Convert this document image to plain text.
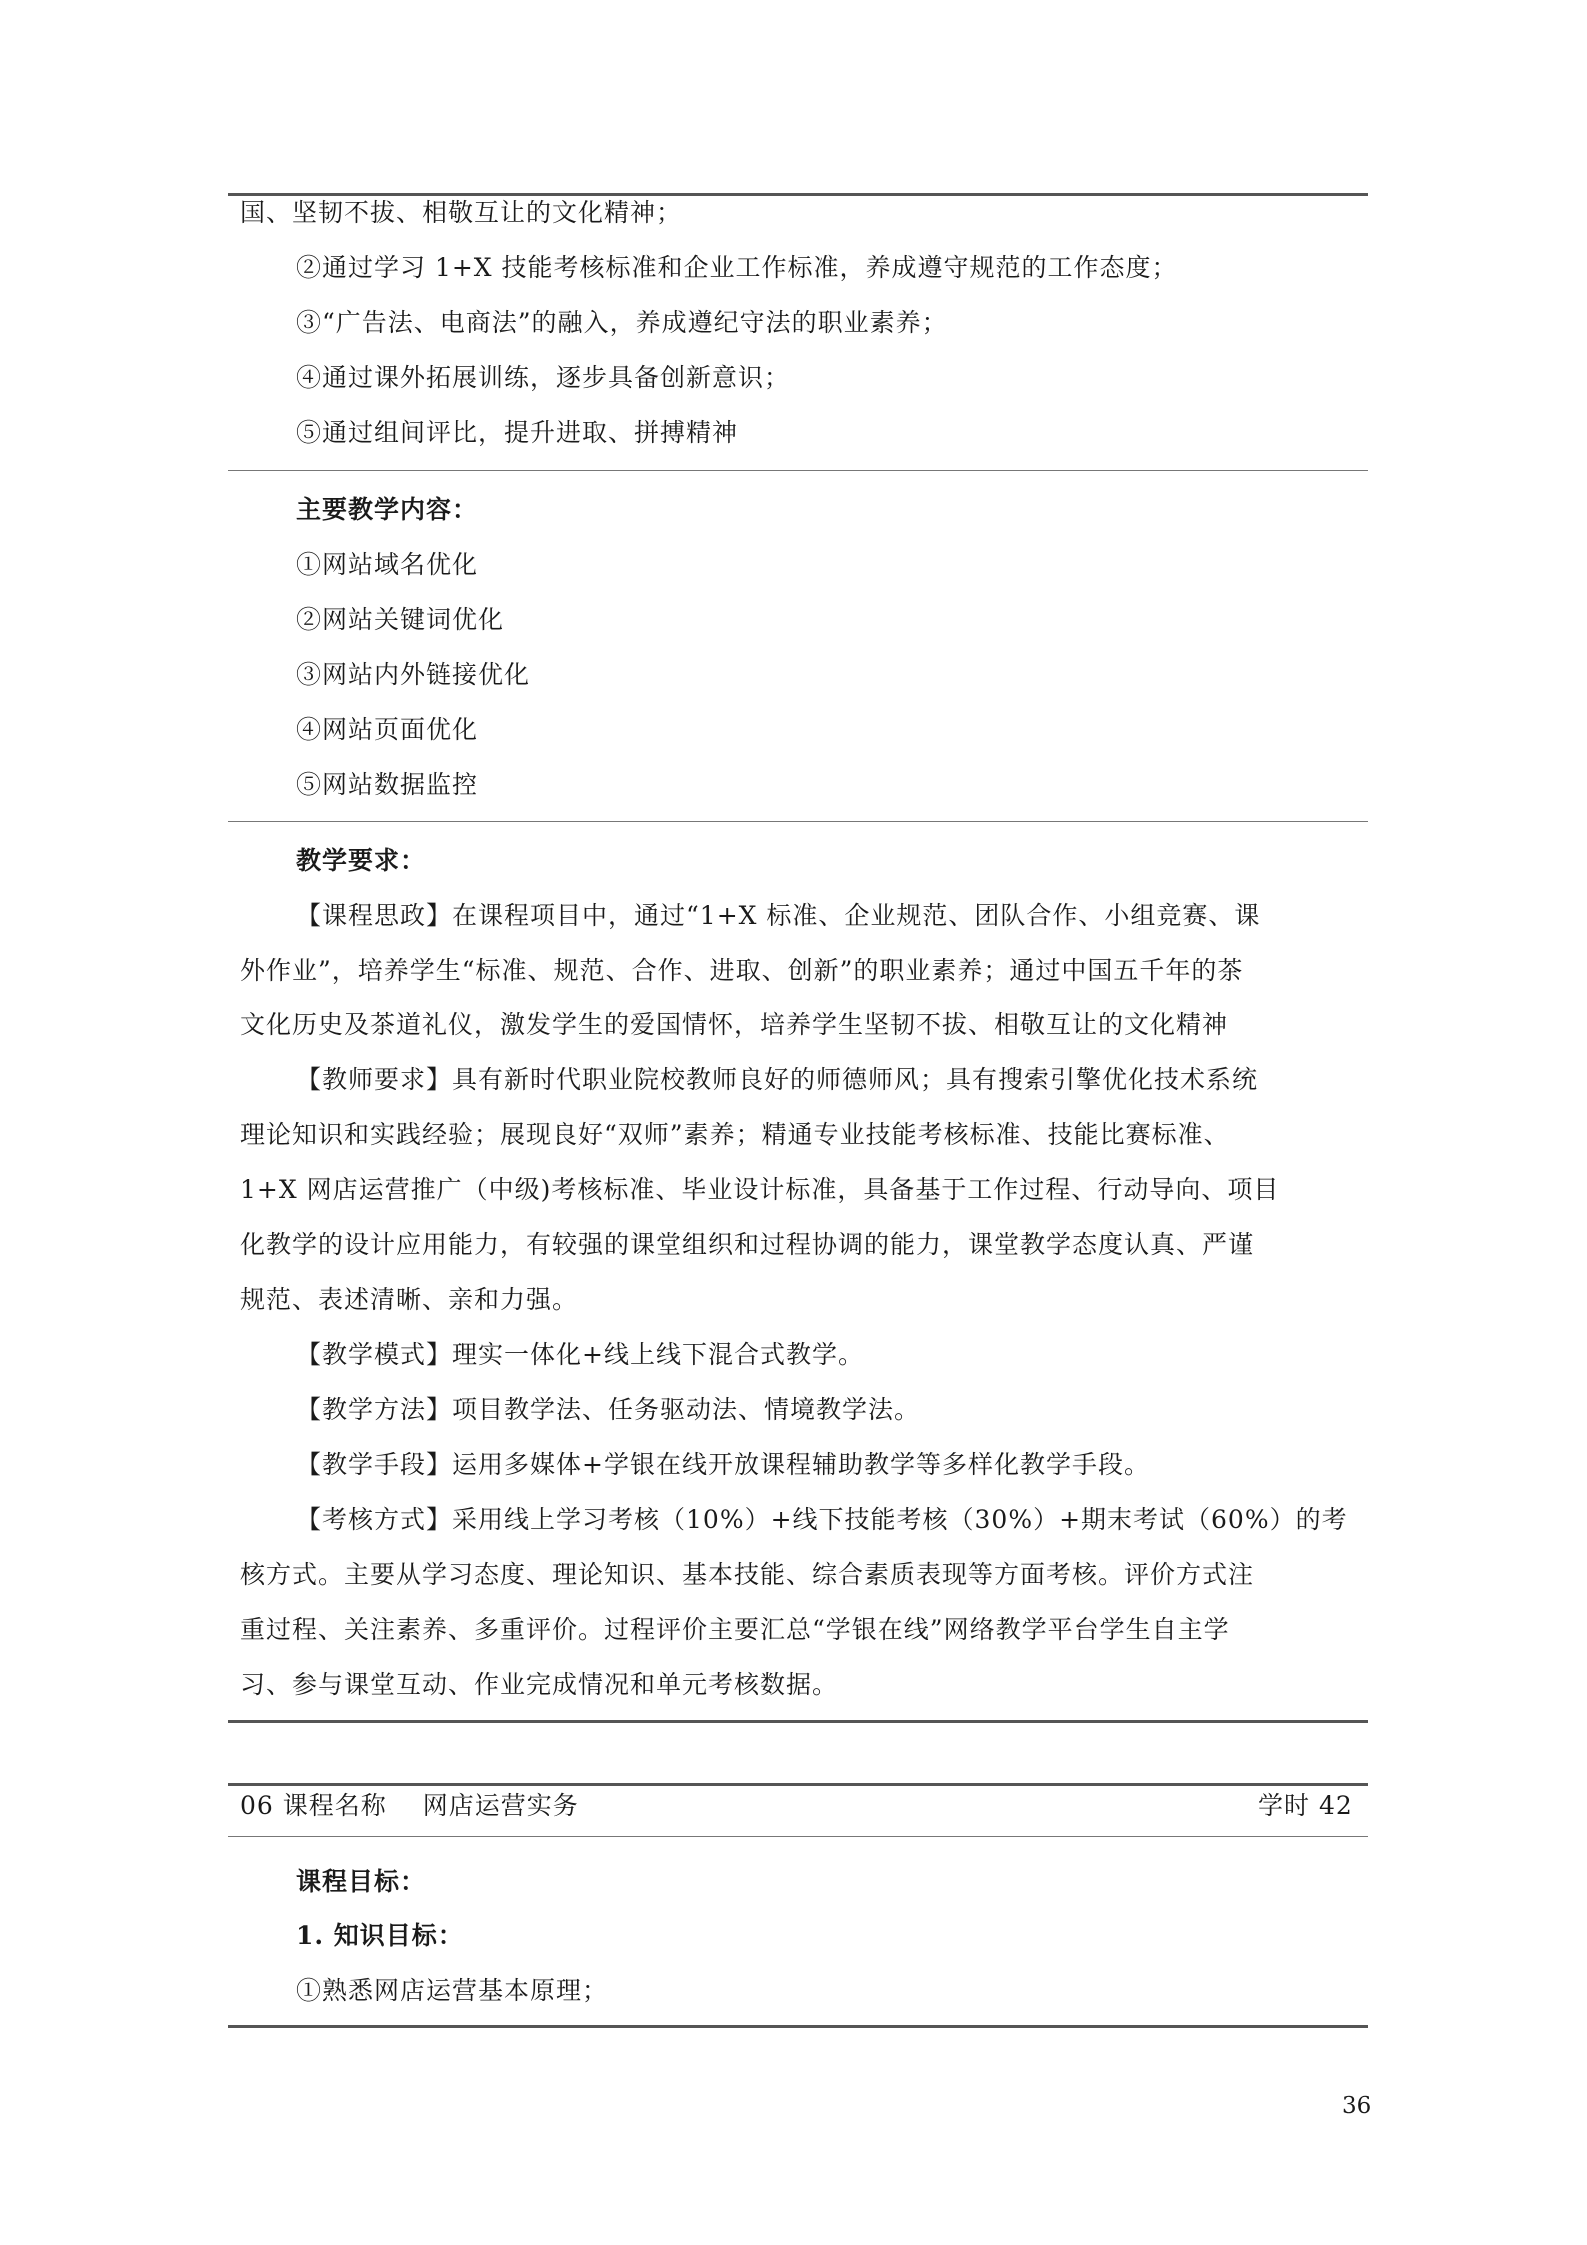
国、坚韧不拔、相敬互让的文化精神；
②通过学习 1+X 技能考核标准和企业工作标准，养成遵守规范的工作态度；
③“广告法、电商法”的融入，养成遵纪守法的职业素养；
④通过课外拓展训练，逐步具备创新意识；
⑤通过组间评比，提升进取、拼搏精神
主要教学内容：
①网站域名优化
②网站关键词优化
③网站内外链接优化
④网站页面优化
⑤网站数据监控
教学要求：
【课程思政】在课程项目中，通过“1+X 标准、企业规范、团队合作、小组竞赛、课
外作业”，培养学生“标准、规范、合作、进取、创新”的职业素养；通过中国五千年的茶
文化历史及茶道礼仪，激发学生的爱国情怀，培养学生坚韧不拔、相敬互让的文化精神
【教师要求】具有新时代职业院校教师良好的师德师风；具有搜索引擎优化技术系统
理论知识和实践经验；展现良好“双师”素养；精通专业技能考核标准、技能比赛标准、
1+X 网店运营推广（中级)考核标准、毕业设计标准，具备基于工作过程、行动导向、项目
化教学的设计应用能力，有较强的课堂组织和过程协调的能力，课堂教学态度认真、严谨
规范、表述清晰、亲和力强。
【教学模式】理实一体化+线上线下混合式教学。
【教学方法】项目教学法、任务驱动法、情境教学法。
【教学手段】运用多媒体+学银在线开放课程辅助教学等多样化教学手段。
【考核方式】采用线上学习考核（10%）+线下技能考核（30%）+期末考试（60%）的考
核方式。主要从学习态度、理论知识、基本技能、综合素质表现等方面考核。评价方式注
重过程、关注素养、多重评价。过程评价主要汇总“学银在线”网络教学平台学生自主学
习、参与课堂互动、作业完成情况和单元考核数据。
06 课程名称 网店运营实务	学时 42
课程目标：
1. 知识目标：
①熟悉网店运营基本原理；
36
